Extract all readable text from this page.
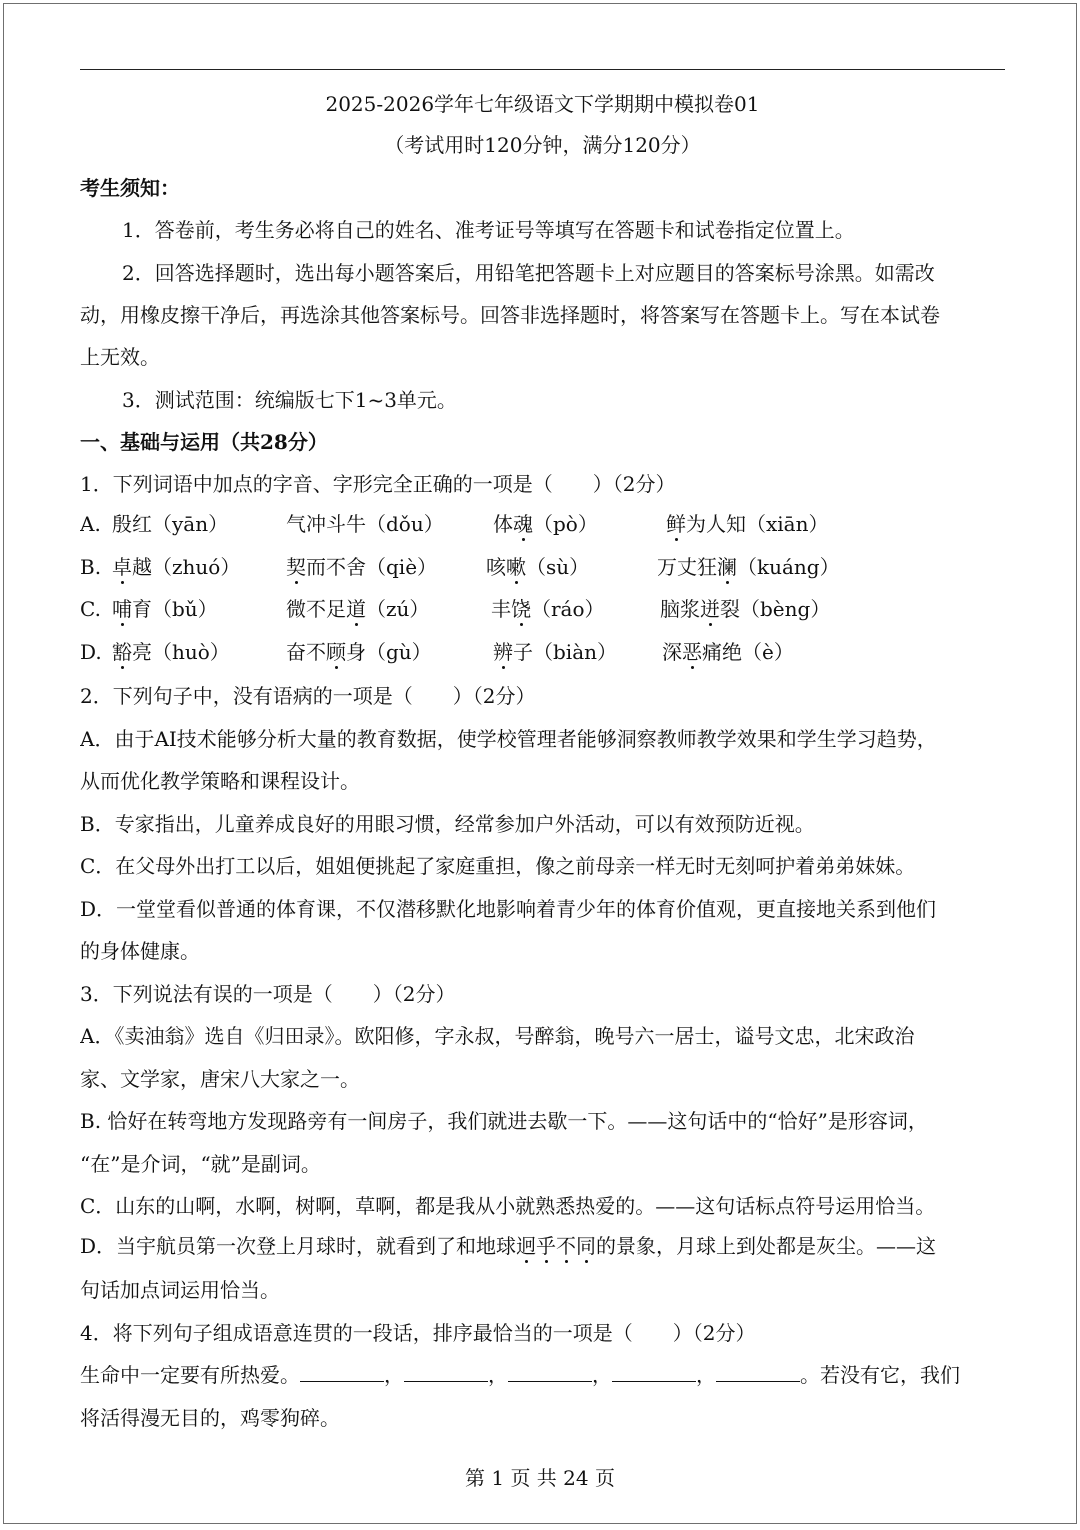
2025-2026学年七年级语文下学期期中模拟卷01
（考试用时120分钟，满分120分）
考生须知：
1．答卷前，考生务必将自己的姓名、准考证号等填写在答题卡和试卷指定位置上。
2．回答选择题时，选出每小题答案后，用铅笔把答题卡上对应题目的答案标号涂黑。如需改
动，用橡皮擦干净后，再选涂其他答案标号。回答非选择题时，将答案写在答题卡上。写在本试卷
上无效。
3．测试范围：统编版七下1~3单元。
一、基础与运用（共28分）
1．下列词语中加点的字音、字形完全正确的一项是（　　）（2分）
A. 殷红（yān）	气冲斗牛（dǒu） 体魂（pò）	鲜为人知（xiān）
B. 卓越（zhuó） 契而不舍（qiè） 咳嗽（sù）	万丈狂澜（kuáng）
C. 哺育（bǔ）	微不足道（zú）	丰饶（ráo）	脑浆迸裂（bèng）
D. 豁亮（huò）	奋不顾身（gù）	辨子（biàn） 深恶痛绝（è）
2．下列句子中，没有语病的一项是（　　）（2分）
A．由于AI技术能够分析大量的教育数据，使学校管理者能够洞察教师教学效果和学生学习趋势，
从而优化教学策略和课程设计。
B．专家指出，儿童养成良好的用眼习惯，经常参加户外活动，可以有效预防近视。
C．在父母外出打工以后，姐姐便挑起了家庭重担，像之前母亲一样无时无刻呵护着弟弟妹妹。
D．一堂堂看似普通的体育课，不仅潜移默化地影响着青少年的体育价值观，更直接地关系到他们
的身体健康。
3．下列说法有误的一项是（　　）（2分）
A．《卖油翁》选自《归田录》。欧阳修，字永叔，号醉翁，晚号六一居士，谥号文忠，北宋政治
家、文学家，唐宋八大家之一。
B. 恰好在转弯地方发现路旁有一间房子，我们就进去歇一下。——这句话中的“恰好”是形容词，
“在”是介词，“就”是副词。
C．山东的山啊，水啊，树啊，草啊，都是我从小就熟悉热爱的。——这句话标点符号运用恰当。
D．当宇航员第一次登上月球时，就看到了和地球迥乎不同的景象，月球上到处都是灰尘。——这
句话加点词运用恰当。
4．将下列句子组成语意连贯的一段话，排序最恰当的一项是（　　）（2分）
生命中一定要有所热爱。	，	，	，	，	。若没有它，我们
将活得漫无目的，鸡零狗碎。
第 1 页 共 24 页
